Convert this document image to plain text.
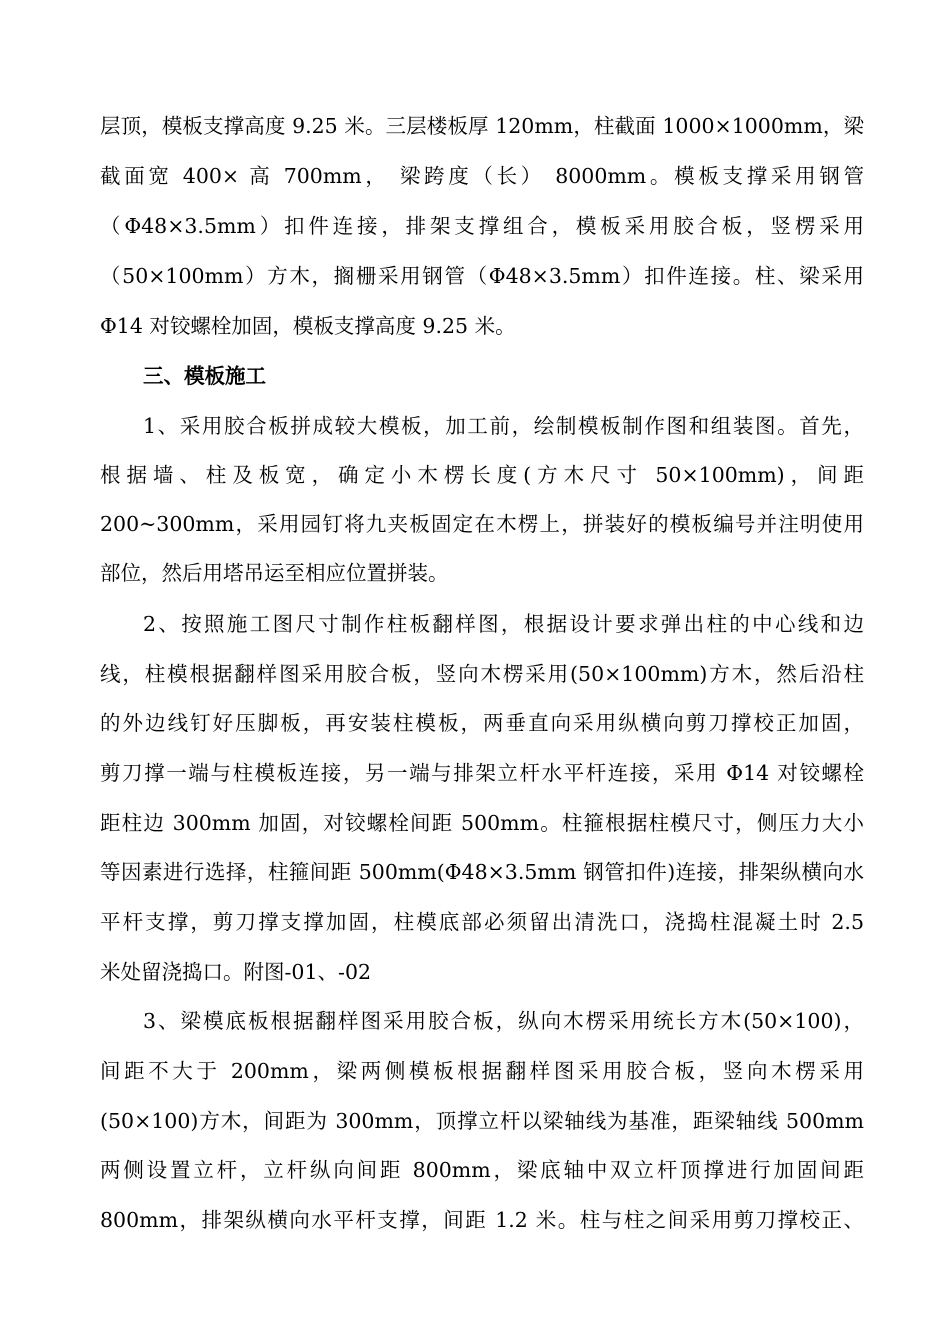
层顶，模板支撑高度 9.25 米。三层楼板厚 120mm，柱截面 1000×1000mm，梁
截面宽 400× 高 700mm， 梁跨度（长） 8000mm。模板支撑采用钢管
（Φ48×3.5mm）扣件连接，排架支撑组合，模板采用胶合板，竖楞采用
（50×100mm）方木，搁栅采用钢管（Φ48×3.5mm）扣件连接。柱、梁采用
Φ14 对铰螺栓加固，模板支撑高度 9.25 米。
三、模板施工
1、采用胶合板拼成较大模板，加工前，绘制模板制作图和组装图。首先，
根据墙、柱及板宽，确定小木楞长度(方木尺寸 50×100mm)，间距
200~300mm，采用园钉将九夹板固定在木楞上，拼装好的模板编号并注明使用
部位，然后用塔吊运至相应位置拼装。
2、按照施工图尺寸制作柱板翻样图，根据设计要求弹出柱的中心线和边
线，柱模根据翻样图采用胶合板，竖向木楞采用(50×100mm)方木，然后沿柱
的外边线钉好压脚板，再安装柱模板，两垂直向采用纵横向剪刀撑校正加固，
剪刀撑一端与柱模板连接，另一端与排架立杆水平杆连接，采用 Φ14 对铰螺栓
距柱边 300mm 加固，对铰螺栓间距 500mm。柱箍根据柱模尺寸，侧压力大小
等因素进行选择，柱箍间距 500mm(Φ48×3.5mm 钢管扣件)连接，排架纵横向水
平杆支撑，剪刀撑支撑加固，柱模底部必须留出清洗口，浇捣柱混凝土时 2.5
米处留浇捣口。附图-01、-02
3、梁模底板根据翻样图采用胶合板，纵向木楞采用统长方木(50×100)，
间距不大于 200mm，梁两侧模板根据翻样图采用胶合板，竖向木楞采用
(50×100)方木，间距为 300mm，顶撑立杆以梁轴线为基准，距梁轴线 500mm
两侧设置立杆，立杆纵向间距 800mm，梁底轴中双立杆顶撑进行加固间距
800mm，排架纵横向水平杆支撑，间距 1.2 米。柱与柱之间采用剪刀撑校正、
